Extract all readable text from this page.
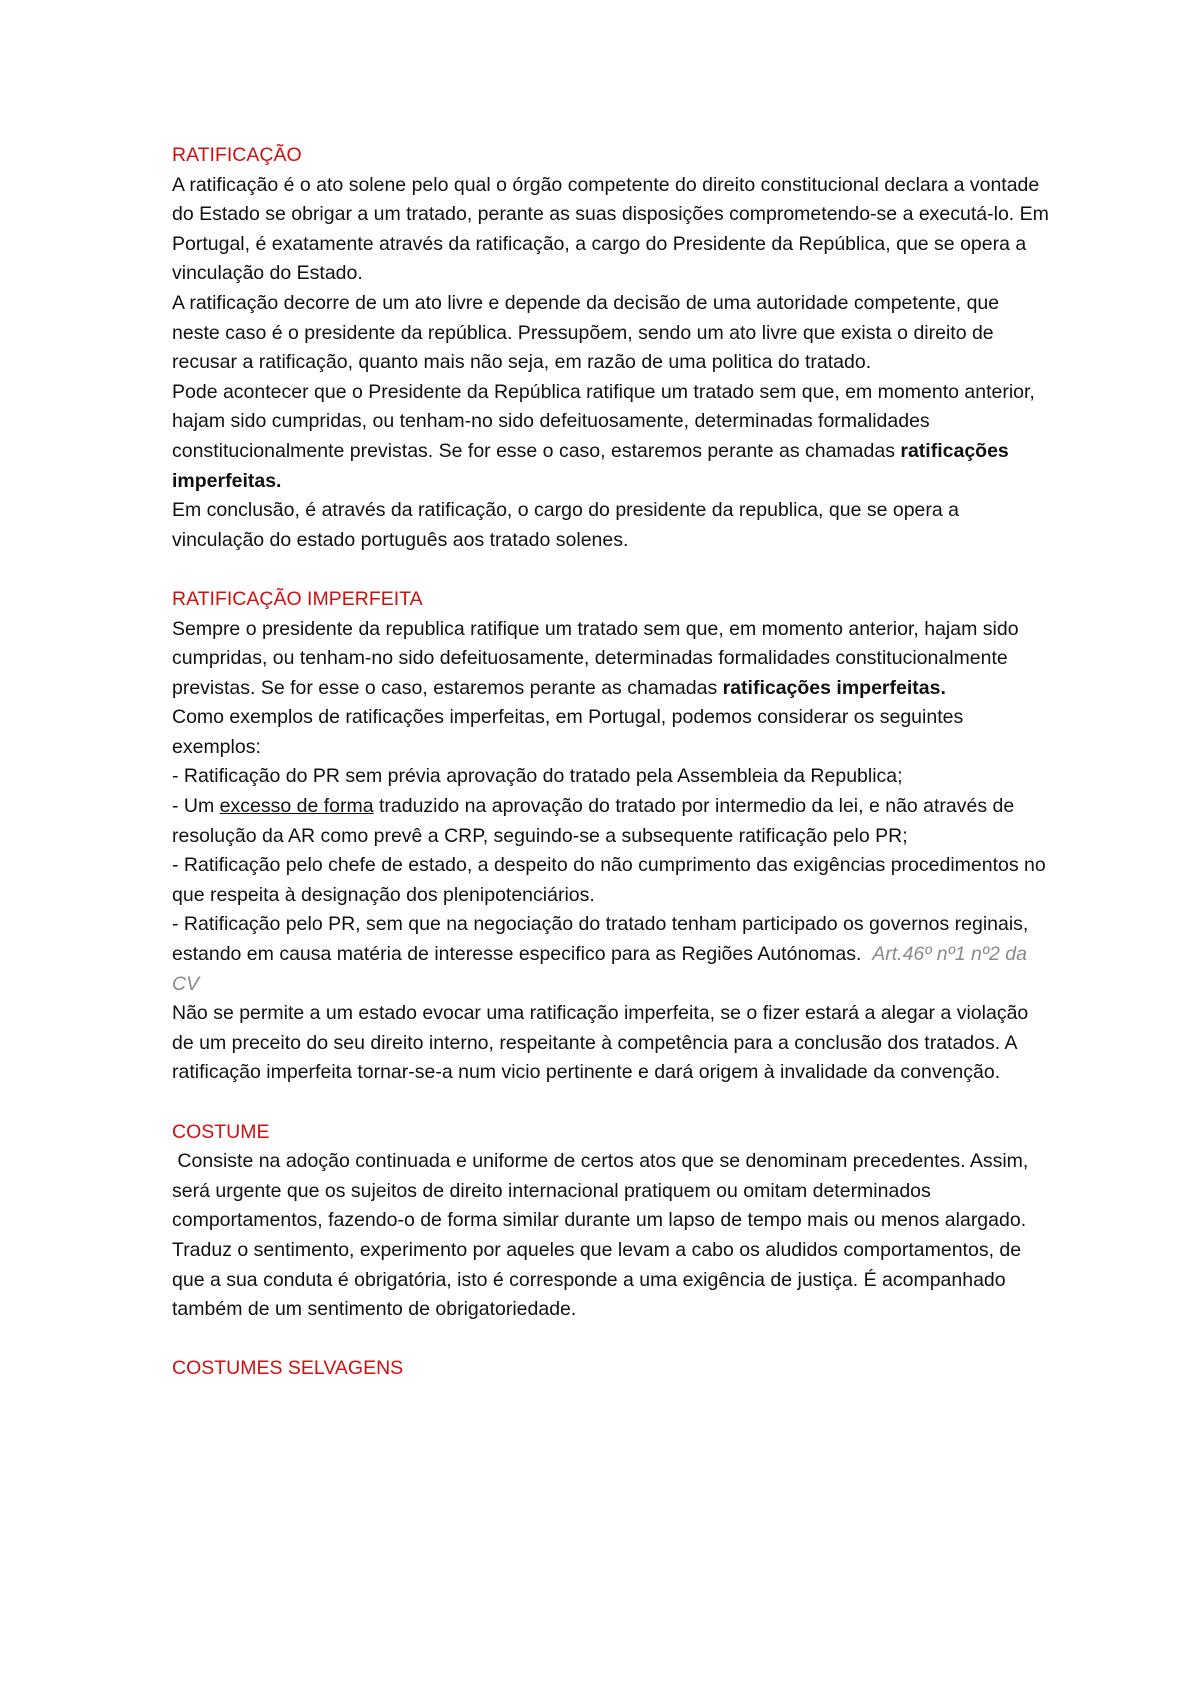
RATIFICAÇÃO

A ratificação é o ato solene pelo qual o órgão competente do direito constitucional declara a vontade do Estado se obrigar a um tratado, perante as suas disposições comprometendo-se a executá-lo. Em Portugal, é exatamente através da ratificação, a cargo do Presidente da República, que se opera a vinculação do Estado.

A ratificação decorre de um ato livre e depende da decisão de uma autoridade competente, que neste caso é o presidente da república. Pressupõem, sendo um ato livre que exista o direito de recusar a ratificação, quanto mais não seja, em razão de uma politica do tratado.

Pode acontecer que o Presidente da República ratifique um tratado sem que, em momento anterior, hajam sido cumpridas, ou tenham-no sido defeituosamente, determinadas formalidades constitucionalmente previstas. Se for esse o caso, estaremos perante as chamadas ratificações imperfeitas.

Em conclusão, é através da ratificação, o cargo do presidente da republica, que se opera a vinculação do estado português aos tratado solenes.

RATIFICAÇÃO IMPERFEITA

Sempre o presidente da republica ratifique um tratado sem que, em momento anterior, hajam sido cumpridas, ou tenham-no sido defeituosamente, determinadas formalidades constitucionalmente previstas. Se for esse o caso, estaremos perante as chamadas ratificações imperfeitas.

Como exemplos de ratificações imperfeitas, em Portugal, podemos considerar os seguintes exemplos:

- Ratificação do PR sem prévia aprovação do tratado pela Assembleia da Republica;

- Um excesso de forma traduzido na aprovação do tratado por intermedio da lei, e não através de resolução da AR como prevê a CRP, seguindo-se a subsequente ratificação pelo PR;

- Ratificação pelo chefe de estado, a despeito do não cumprimento das exigências procedimentos no que respeita à designação dos plenipotenciários.

- Ratificação pelo PR, sem que na negociação do tratado tenham participado os governos reginais, estando em causa matéria de interesse especifico para as Regiões Autónomas.  Art.46º nº1 nº2 da CV

Não se permite a um estado evocar uma ratificação imperfeita, se o fizer estará a alegar a violação de um preceito do seu direito interno, respeitante à competência para a conclusão dos tratados. A ratificação imperfeita tornar-se-a num vicio pertinente e dará origem à invalidade da convenção.

COSTUME

Consiste na adoção continuada e uniforme de certos atos que se denominam precedentes. Assim, será urgente que os sujeitos de direito internacional pratiquem ou omitam determinados comportamentos, fazendo-o de forma similar durante um lapso de tempo mais ou menos alargado. Traduz o sentimento, experimento por aqueles que levam a cabo os aludidos comportamentos, de que a sua conduta é obrigatória, isto é corresponde a uma exigência de justiça. É acompanhado também de um sentimento de obrigatoriedade.

COSTUMES SELVAGENS
